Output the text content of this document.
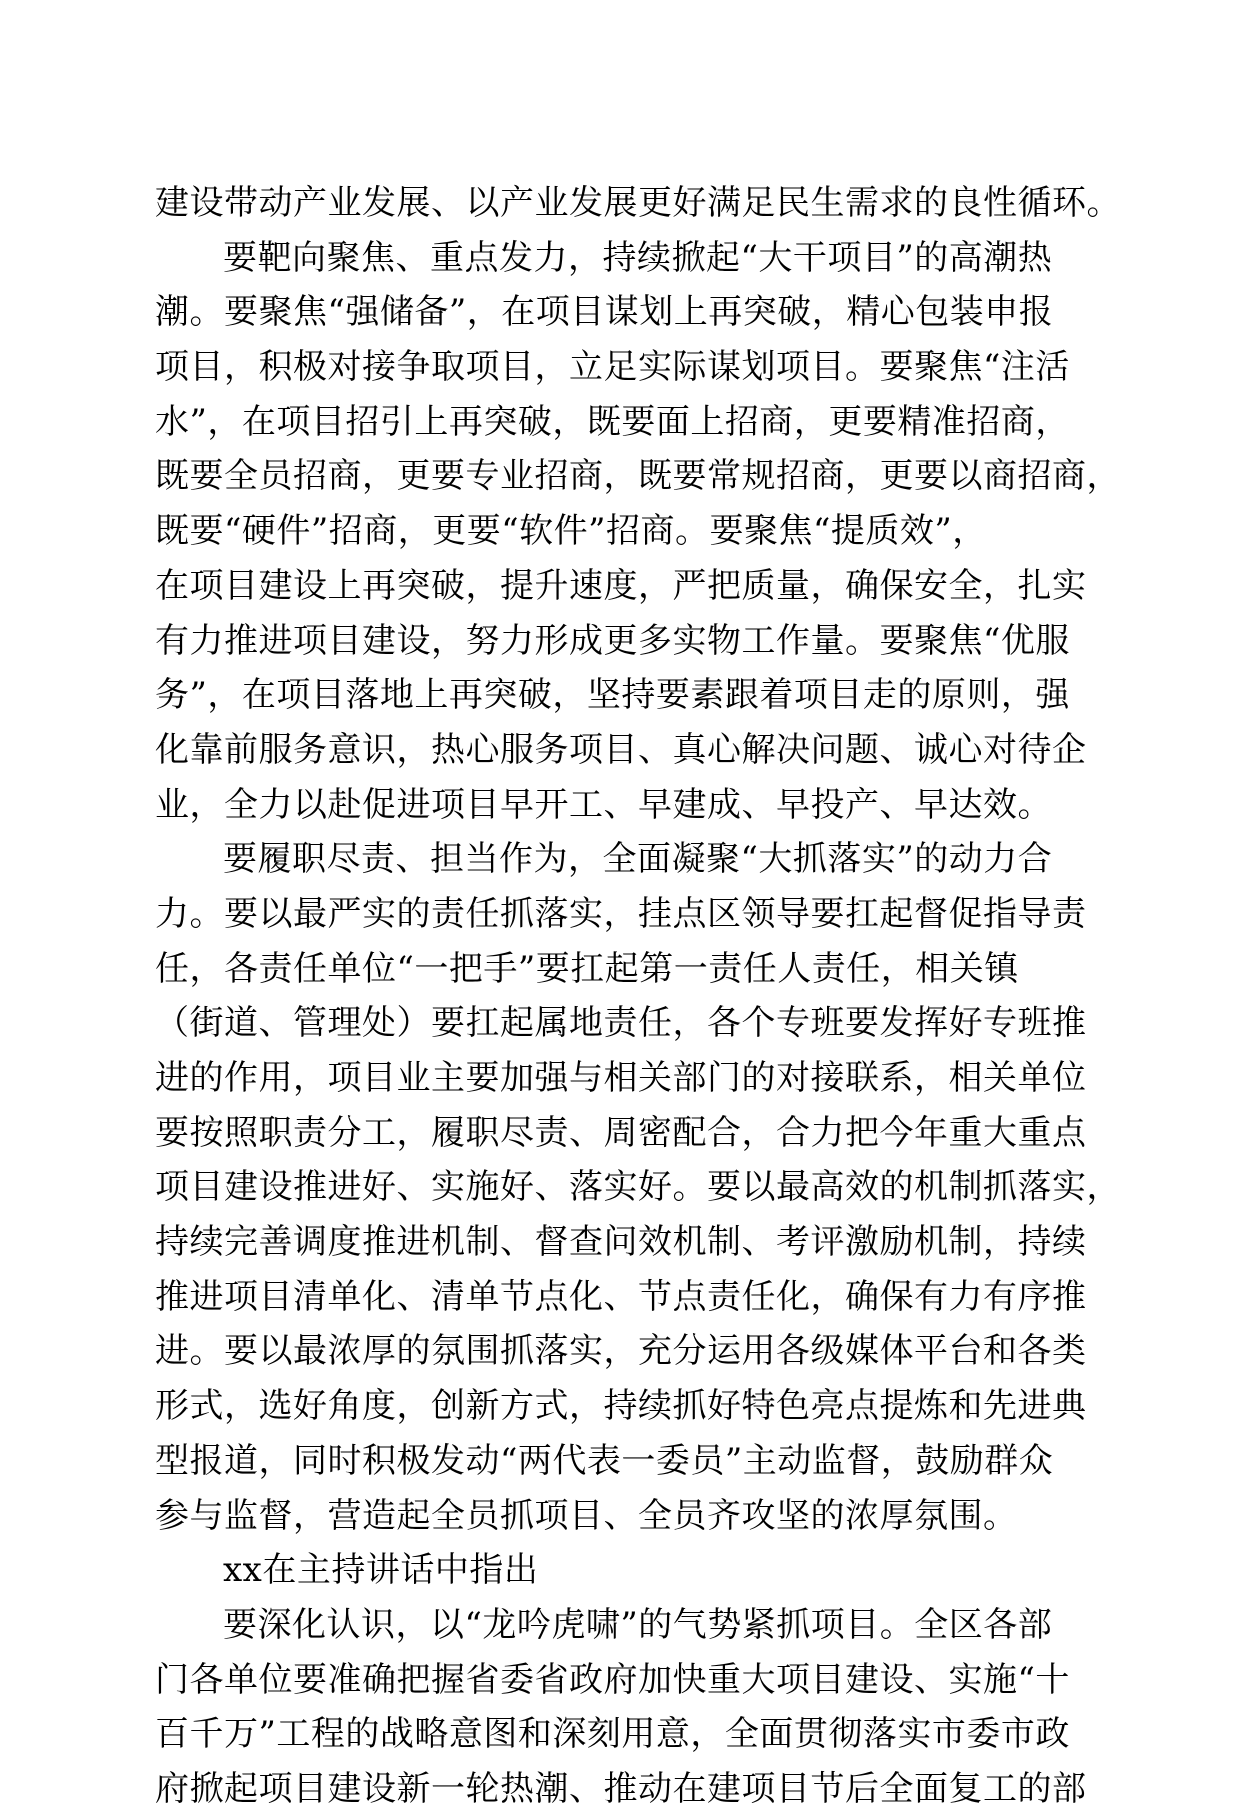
建设带动产业发展、以产业发展更好满足民生需求的良性循环。
要靶向聚焦、重点发力，持续掀起“大干项目”的高潮热
潮。要聚焦“强储备”，在项目谋划上再突破，精心包装申报
项目，积极对接争取项目，立足实际谋划项目。要聚焦“注活
水”，在项目招引上再突破，既要面上招商，更要精准招商，
既要全员招商，更要专业招商，既要常规招商，更要以商招商，
既要“硬件”招商，更要“软件”招商。要聚焦“提质效”，
在项目建设上再突破，提升速度，严把质量，确保安全，扎实
有力推进项目建设，努力形成更多实物工作量。要聚焦“优服
务”，在项目落地上再突破，坚持要素跟着项目走的原则，强
化靠前服务意识，热心服务项目、真心解决问题、诚心对待企
业，全力以赴促进项目早开工、早建成、早投产、早达效。
要履职尽责、担当作为，全面凝聚“大抓落实”的动力合
力。要以最严实的责任抓落实，挂点区领导要扛起督促指导责
任，各责任单位“一把手”要扛起第一责任人责任，相关镇
（街道、管理处）要扛起属地责任，各个专班要发挥好专班推
进的作用，项目业主要加强与相关部门的对接联系，相关单位
要按照职责分工，履职尽责、周密配合，合力把今年重大重点
项目建设推进好、实施好、落实好。要以最高效的机制抓落实，
持续完善调度推进机制、督查问效机制、考评激励机制，持续
推进项目清单化、清单节点化、节点责任化，确保有力有序推
进。要以最浓厚的氛围抓落实，充分运用各级媒体平台和各类
形式，选好角度，创新方式，持续抓好特色亮点提炼和先进典
型报道，同时积极发动“两代表一委员”主动监督，鼓励群众
参与监督，营造起全员抓项目、全员齐攻坚的浓厚氛围。
xx在主持讲话中指出
要深化认识，以“龙吟虎啸”的气势紧抓项目。全区各部
门各单位要准确把握省委省政府加快重大项目建设、实施“十
百千万”工程的战略意图和深刻用意，全面贯彻落实市委市政
府掀起项目建设新一轮热潮、推动在建项目节后全面复工的部
